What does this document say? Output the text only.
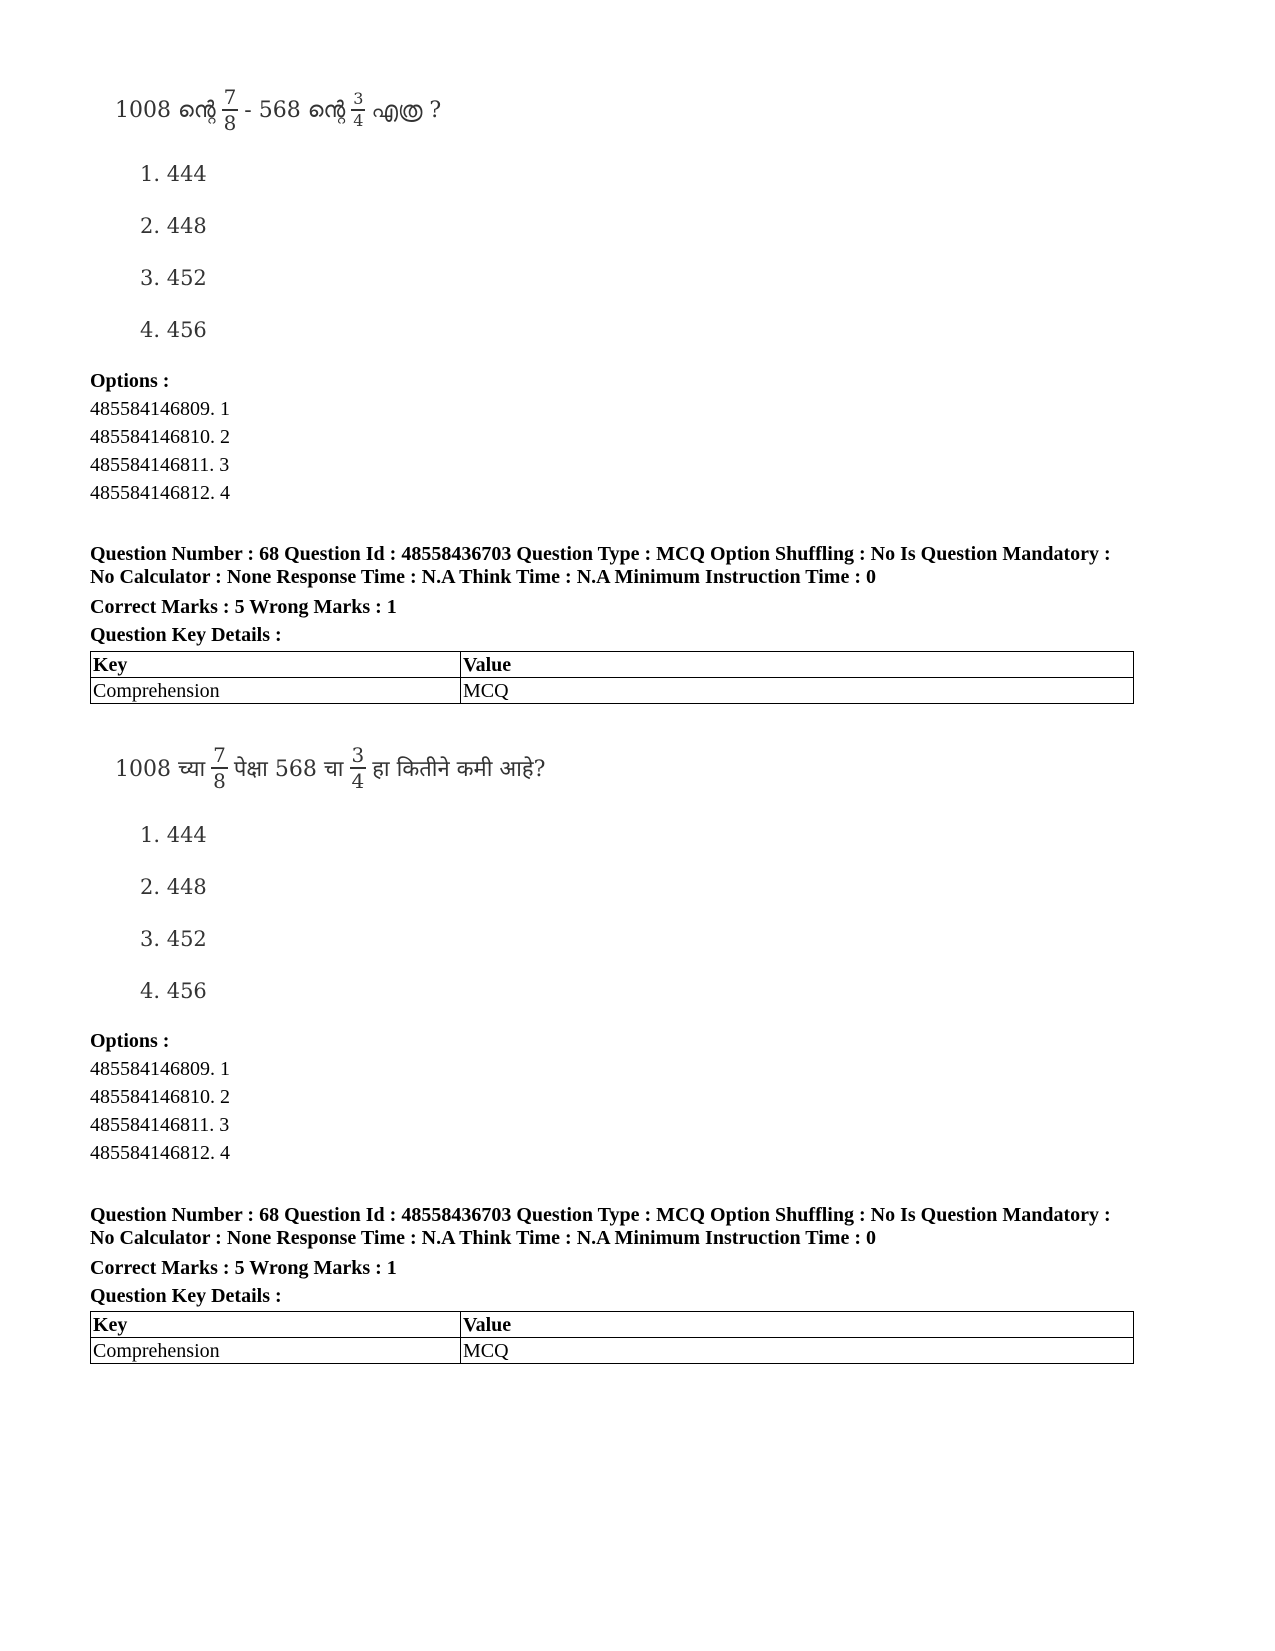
1008 ന്റെ $\frac{7}{8} - 568$ ന്റെ $\frac{3}{4}$ എത്ര ?
1. 444
2. 448
3. 452
4. 456
Options :
485584146809. 1
485584146810. 2
485584146811. 3
485584146812. 4
Question Number : 68 Question Id : 48558436703 Question Type : MCQ Option Shuffling : No Is Question Mandatory :
No Calculator : None Response Time : N.A Think Time : N.A Minimum Instruction Time : 0
Correct Marks : 5 Wrong Marks : 1
Question Key Details :
Key	Value
Comprehension	MCQ
1008 च्या $\frac{7}{8}$ पेक्षा 568 चा $\frac{3}{4}$ हा कितीने कमी आहे?
1. 444
2. 448
3. 452
4. 456
Options :
485584146809. 1
485584146810. 2
485584146811. 3
485584146812. 4
Question Number : 68 Question Id : 48558436703 Question Type : MCQ Option Shuffling : No Is Question Mandatory :
No Calculator : None Response Time : N.A Think Time : N.A Minimum Instruction Time : 0
Correct Marks : 5 Wrong Marks : 1
Question Key Details :
Key	Value
Comprehension	MCQ
